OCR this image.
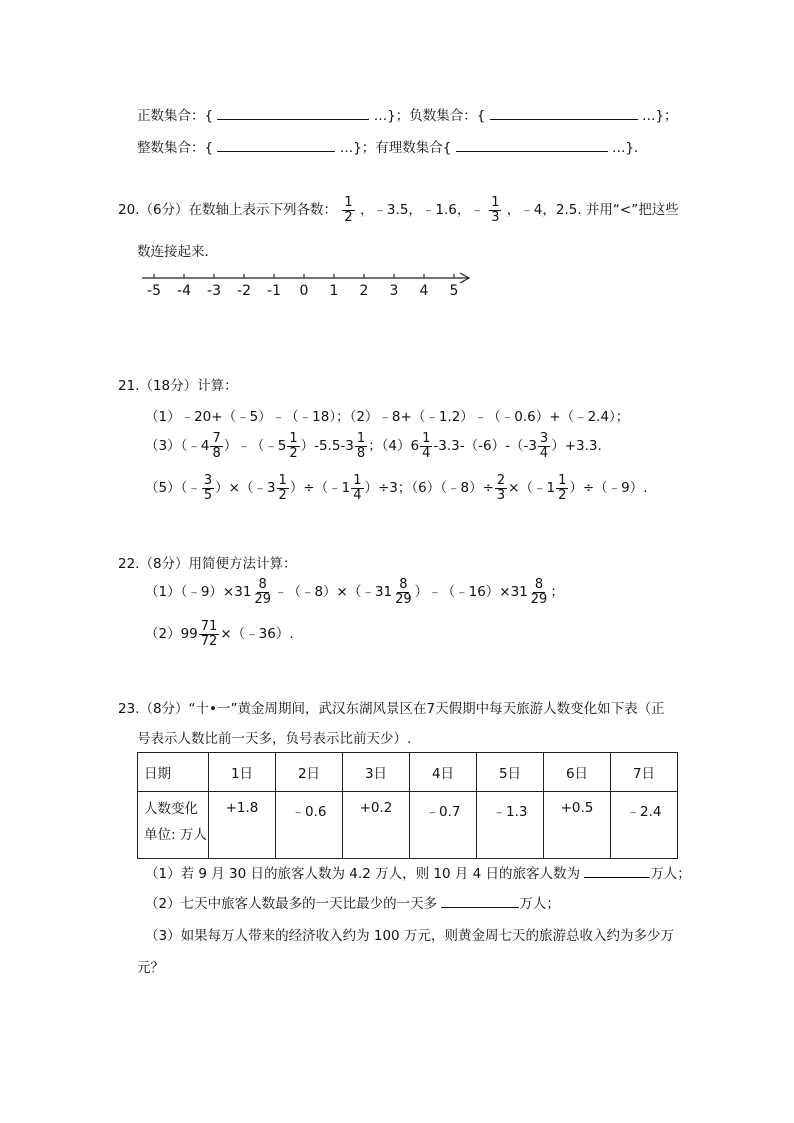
正数集合：{	…}；负数集合：{	…}；
整数集合：{	…}；有理数集合{	…}.
20.（6分）在数轴上表示下列各数： $\frac{1}{2}$ ，﹣3.5，﹣1.6，﹣ $\frac{1}{3}$ ，﹣4，2.5. 并用“<”把这些
数连接起来.
-5 -4 -3 -2 -1 0 1 2 3 4 5
21.（18分）计算：
（1）﹣20+（﹣5）﹣（﹣18）；（2）﹣8+（﹣1.2）﹣（﹣0.6）+（﹣2.4）；
（3）（﹣4 $\frac{7}{8}$ ）﹣（﹣5 $\frac{1}{2} )-5.5-3 \frac{1}{8}$ ；$(4)6 \frac{1}{4} -3.3-(-6)-(-3 \frac{3}{4} )+3.3$.
（5）（﹣ $\frac{3}{5}$ ）×（﹣3 $\frac{1}{2}$ ）÷（﹣1 $\frac{1}{4} )\div 3$；（6）（﹣8）÷ $\frac{2}{3}$ ×（﹣1 $\frac{1}{2}$ ）÷（﹣9）.
22.（8分）用简便方法计算：
（1）（﹣9）×31 $\frac{8}{29}$ ﹣（﹣8）×（﹣31 $\frac{8}{29}$ ）﹣（﹣16）×31 $\frac{8}{29}$ ；
$(2)99 \frac{71}{72}$ ×（﹣36）.
23.（8分）“十•一”黄金周期间，武汉东湖风景区在7天假期中每天旅游人数变化如下表（正
号表示人数比前一天多，负号表示比前天少）.
日期	1日	2日	3日	4日	5日	6日	7日

人数变化
单位: 万人	+1.8	﹣0.6	+0.2	﹣0.7	﹣1.3	+0.5	﹣2.4
（1）若 9 月 30 日的旅客人数为 4.2 万人，则 10 月 4 日的旅客人数为	万人；
（2）七天中旅客人数最多的一天比最少的一天多	万人；
（3）如果每万人带来的经济收入约为 100 万元，则黄金周七天的旅游总收入约为多少万
元？
